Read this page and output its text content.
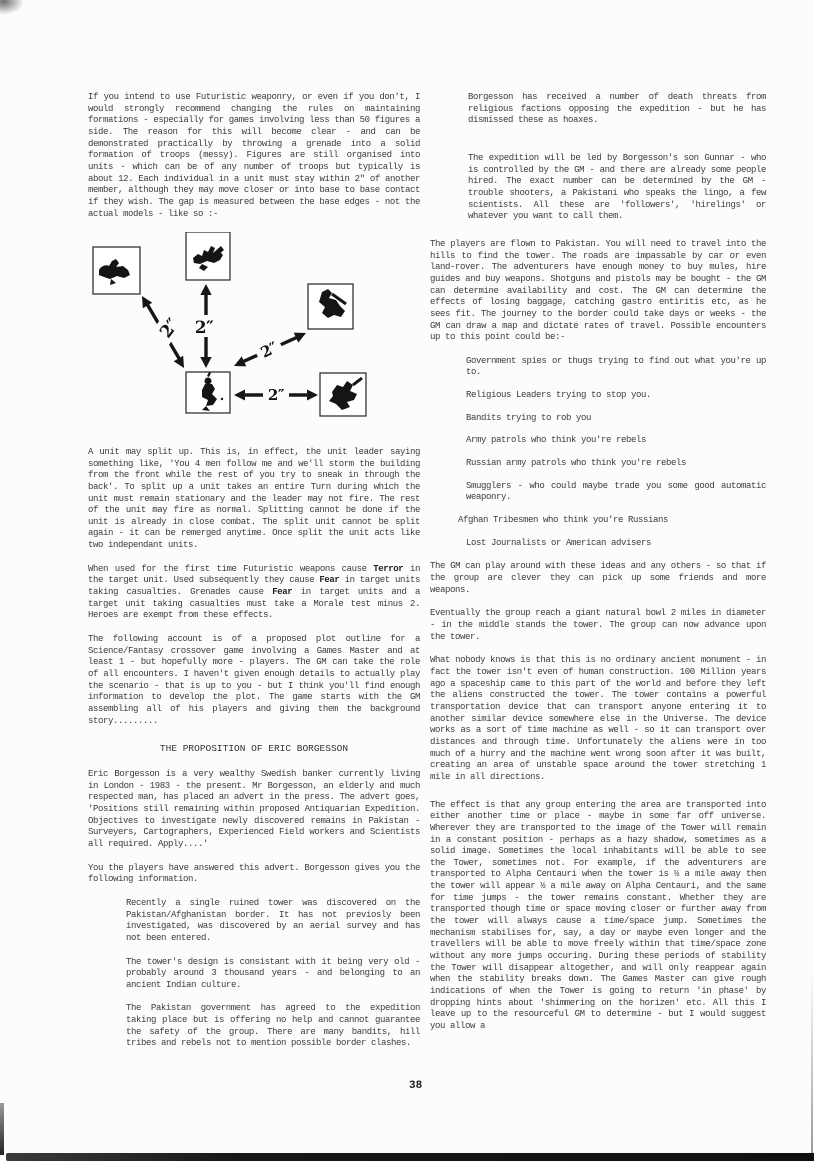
If you intend to use Futuristic weaponry, or even if you don't, I would strongly recommend changing the rules on maintaining formations - especially for games involving less than 50 figures a side. The reason for this will become clear - and can be demonstrated practically by throwing a grenade into a solid formation of troops (messy). Figures are still organised into units - which can be of any number of troops but typically is about 12. Each individual in a unit must stay within 2" of another member, although they may move closer or into base to base contact if they wish. The gap is measured between the base edges - not the actual models - like so :-

2″ 2″
2″
2″

A unit may split up. This is, in effect, the unit leader saying something like, 'You 4 men follow me and we'll storm the building from the front while the rest of you try to sneak in through the back'. To split up a unit takes an entire Turn during which the unit must remain stationary and the leader may not fire. The rest of the unit may fire as normal. Splitting cannot be done if the unit is already in close combat. The split unit cannot be split again - it can be remerged anytime. Once split the unit acts like two independant units.

When used for the first time Futuristic weapons cause Terror in the target unit. Used subsequently they cause Fear in target units taking casualties. Grenades cause Fear in target units and a target unit taking casualties must take a Morale test minus 2. Heroes are exempt from these effects.

The following account is of a proposed plot outline for a Science/Fantasy crossover game involving a Games Master and at least 1 - but hopefully more - players. The GM can take the role of all encounters. I haven't given enough details to actually play the scenario - that is up to you - but I think you'll find enough information to develop the plot. The game starts with the GM assembling all of his players and giving them the background story.........

THE PROPOSITION OF ERIC BORGESSON

Eric Borgesson is a very wealthy Swedish banker currently living in London - 1983 - the present. Mr Borgesson, an elderly and much respected man, has placed an advert in the press. The advert goes, 'Positions still remaining within proposed Antiquarian Expedition. Objectives to investigate newly discovered remains in Pakistan - Surveyers, Cartographers, Experienced Field workers and Scientists all required. Apply....'

You the players have answered this advert. Borgesson gives you the following information.

Recently a single ruined tower was discovered on the Pakistan/Afghanistan border. It has not previosly been investigated, was discovered by an aerial survey and has not been entered.

The tower's design is consistant with it being very old - probably around 3 thousand years - and belonging to an ancient Indian culture.

The Pakistan government has agreed to the expedition taking place but is offering no help and cannot guarantee the safety of the group. There are many bandits, hill tribes and rebels not to mention possible border clashes.

Borgesson has received a number of death threats from religious factions opposing the expedition - but he has dismissed these as hoaxes.

The expedition will be led by Borgesson's son Gunnar - who is controlled by the GM - and there are already some people hired. The exact number can be determined by the GM - trouble shooters, a Pakistani who speaks the lingo, a few scientists. All these are 'followers', 'hirelings' or whatever you want to call them.

The players are flown to Pakistan. You will need to travel into the hills to find the tower. The roads are impassable by car or even land-rover. The adventurers have enough money to buy mules, hire guides and buy weapons. Shotguns and pistols may be bought - the GM can determine availability and cost. The GM can determine the effects of losing baggage, catching gastro entiritis etc, as he sees fit. The journey to the border could take days or weeks - the GM can draw a map and dictate rates of travel. Possible encounters up to this point could be:-

Government spies or thugs trying to find out what you're up to.

Religious Leaders trying to stop you.

Bandits trying to rob you

Army patrols who think you're rebels

Russian army patrols who think you're rebels

Smugglers - who could maybe trade you some good automatic weaponry.

Afghan Tribesmen who think you're Russians

Lost Journalists or American advisers

The GM can play around with these ideas and any others - so that if the group are clever they can pick up some friends and more weapons.

Eventually the group reach a giant natural bowl 2 miles in diameter - in the middle stands the tower. The group can now advance upon the tower.

What nobody knows is that this is no ordinary ancient monument - in fact the tower isn't even of human construction. 100 Million years ago a spaceship came to this part of the world and before they left the aliens constructed the tower. The tower contains a powerful transportation device that can transport anyone entering it to another similar device somewhere else in the Universe. The device works as a sort of time machine as well - so it can transport over distances and through time. Unfortunately the aliens were in too much of a hurry and the machine went wrong soon after it was built, creating an area of unstable space around the tower stretching 1 mile in all directions.

The effect is that any group entering the area are transported into either another time or place - maybe in some far off universe. Wherever they are transported to the image of the Tower will remain in a constant position - perhaps as a hazy shadow, sometimes as a solid image. Sometimes the local inhabitants will be able to see the Tower, sometimes not. For example, if the adventurers are transported to Alpha Centauri when the tower is ½ a mile away then the tower will appear ½ a mile away on Alpha Centauri, and the same for time jumps - the tower remains constant. Whether they are transported though time or space moving closer or further away from the tower will always cause a time/space jump. Sometimes the mechanism stabilises for, say, a day or maybe even longer and the travellers will be able to move freely within that time/space zone without any more jumps occuring. During these periods of stability the Tower will disappear altogether, and will only reappear again when the stability breaks down. The Games Master can give rough indications of when the Tower is going to return 'in phase' by dropping hints about 'shimmering on the horizen' etc. All this I leave up to the resourceful GM to determine - but I would suggest you allow a

38
